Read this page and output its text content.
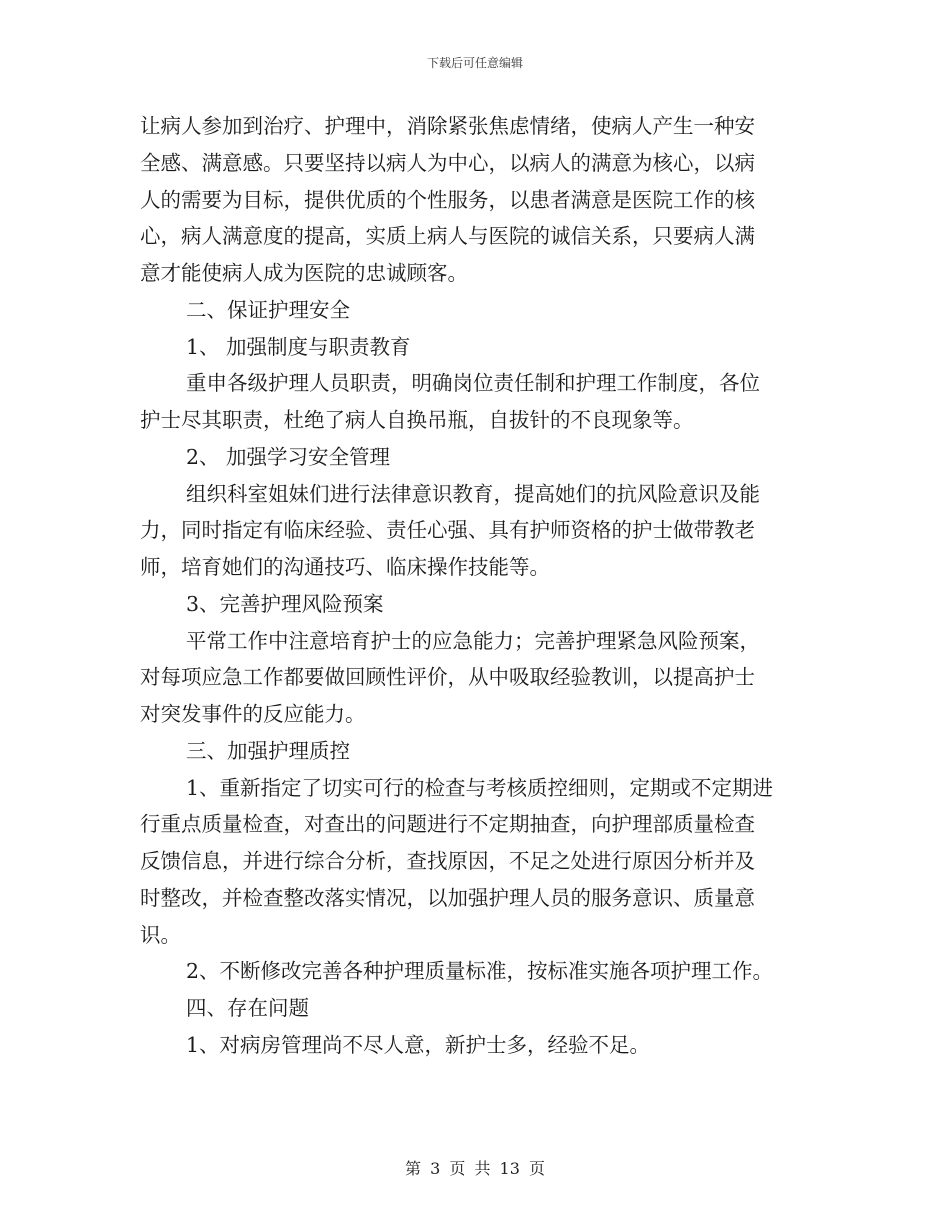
下载后可任意编辑
让病人参加到治疗、护理中，消除紧张焦虑情绪，使病人产生一种安
全感、满意感。只要坚持以病人为中心，以病人的满意为核心，以病
人的需要为目标，提供优质的个性服务，以患者满意是医院工作的核
心，病人满意度的提高，实质上病人与医院的诚信关系，只要病人满
意才能使病人成为医院的忠诚顾客。
二、保证护理安全
1、 加强制度与职责教育
重申各级护理人员职责，明确岗位责任制和护理工作制度，各位
护士尽其职责，杜绝了病人自换吊瓶，自拔针的不良现象等。
2、 加强学习安全管理
组织科室姐妹们进行法律意识教育，提高她们的抗风险意识及能
力，同时指定有临床经验、责任心强、具有护师资格的护士做带教老
师，培育她们的沟通技巧、临床操作技能等。
3、完善护理风险预案
平常工作中注意培育护士的应急能力；完善护理紧急风险预案，
对每项应急工作都要做回顾性评价，从中吸取经验教训，以提高护士
对突发事件的反应能力。
三、加强护理质控
1、重新指定了切实可行的检查与考核质控细则，定期或不定期进
行重点质量检查，对查出的问题进行不定期抽查，向护理部质量检查
反馈信息，并进行综合分析，查找原因，不足之处进行原因分析并及
时整改，并检查整改落实情况，以加强护理人员的服务意识、质量意
识。
2、不断修改完善各种护理质量标准，按标准实施各项护理工作。
四、存在问题
1、对病房管理尚不尽人意，新护士多，经验不足。
第 3 页 共 13 页
